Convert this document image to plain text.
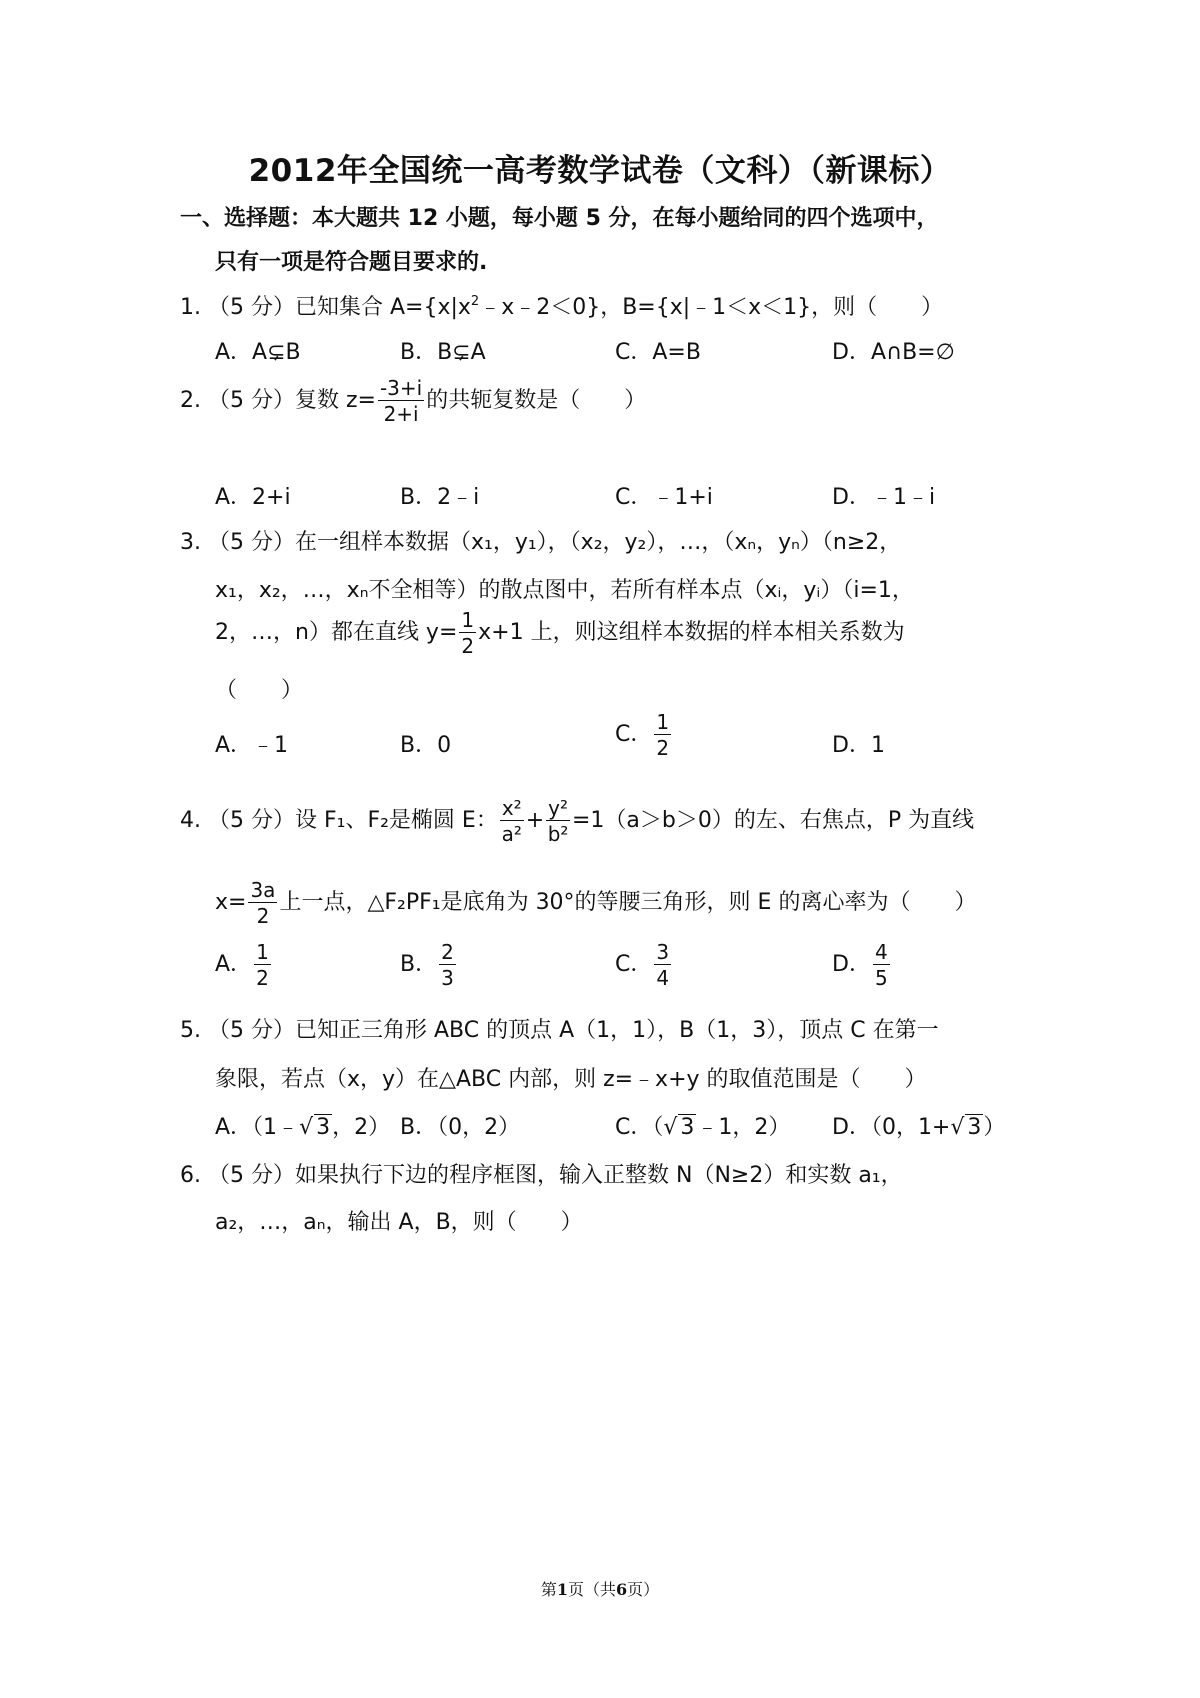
2012年全国统一高考数学试卷（文科）（新课标）
一、选择题：本大题共 12 小题，每小题 5 分，在每小题给同的四个选项中，
只有一项是符合题目要求的.
1. （5 分）已知集合 $A=\{x|x^2﹣x﹣2<0\}$，B={x|﹣1＜x＜1}，则（　　）
A．A⊊B	B．B⊊A	C．A=B	D．A∩B=∅
2. （5 分）复数 $z= \frac{-3+i}{2+i}$ 的共轭复数是（　　）
A．2+i	B．2﹣i	C．﹣1+i	D．﹣1﹣i
3. （5 分）在一组样本数据（x₁，y₁），（x₂，y₂），…，（xₙ，yₙ）（n≥2，
x₁，x₂，…，xₙ不全相等）的散点图中，若所有样本点（xᵢ，yᵢ）（i=1，
2，…，n）都在直线 $y= \frac{1}{2} x+1$ 上，则这组样本数据的样本相关系数为
（　　）
A．﹣1	B．0	C． $\frac{1}{2}$	D．1
4. （5 分）设 F₁、F₂是椭圆 E： $\frac{\text{x²}}{\text{a²}} + \frac{\text{y²}}{\text{b²}} =1(a>b>0)$的左、右焦点，P 为直线
$x= \frac{3a}{2}$ 上一点，△F₂PF₁是底角为 30°的等腰三角形，则 E 的离心率为（　　）
A． $\frac{1}{2}$	B． $\frac{2}{3}$	C． $\frac{3}{4}$	D． $\frac{4}{5}$
5. （5 分）已知正三角形 ABC 的顶点 A（1，1），B（1，3），顶点 C 在第一
象限，若点（x，y）在△ABC 内部，则 z=﹣x+y 的取值范围是（　　）
A．（1﹣√ 3，2） B．（0，2）	C．（√ 3﹣1，2） D．（0，1+√ 3）
6. （5 分）如果执行下边的程序框图，输入正整数 N（N≥2）和实数 a₁，
a₂，…，aₙ，输出 A，B，则（　　）
第1页（共6页）
